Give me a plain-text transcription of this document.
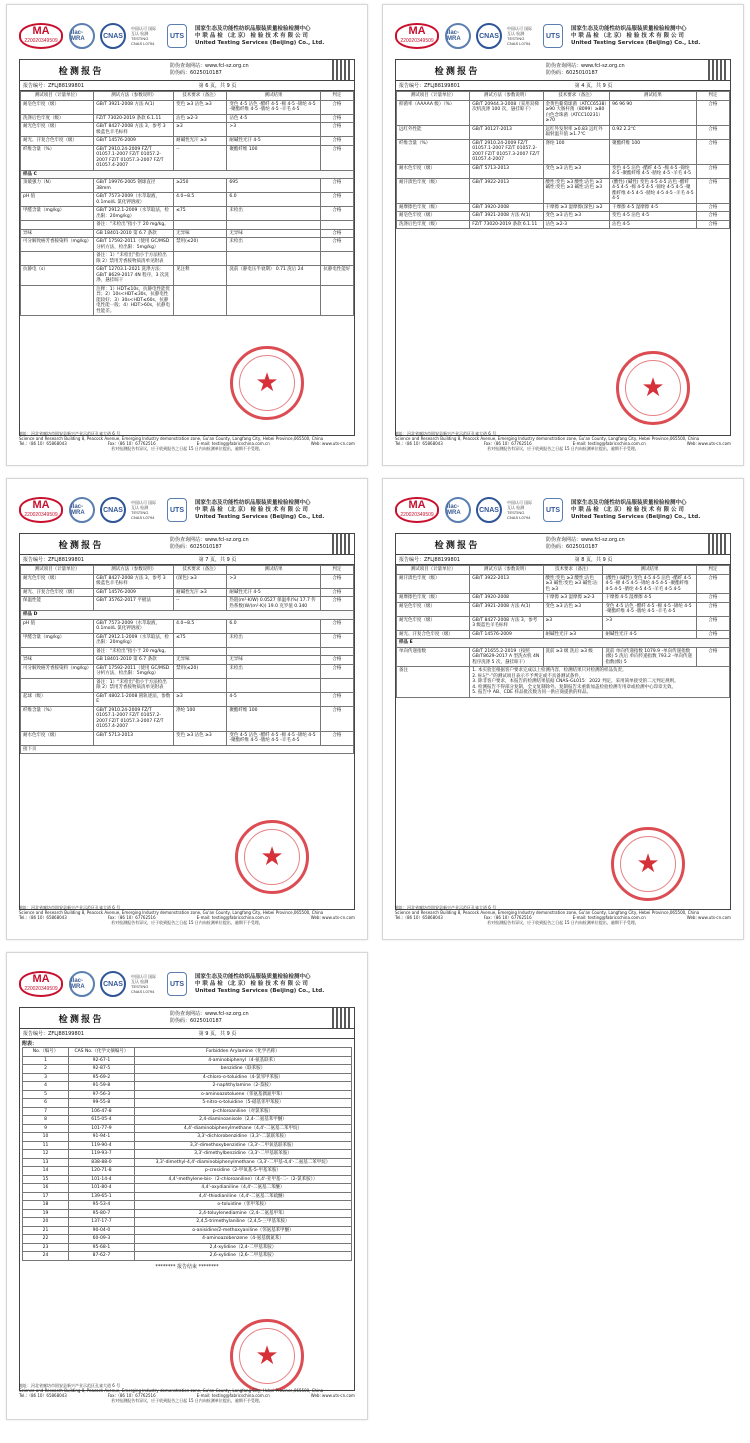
MA
220020349509
ilac-MRA	CNAS
中国认可 国际互认 检测 TESTING CNAS L0794
UTS
国家生态及功能性纺织品服装质量检验检测中心
中 联 品 检 （北 京） 检 验 技 术 有 限 公 司
United Testing Services (Beijing) Co., Ltd.
检 测 报 告	防伪查询网站：www.fcl-sz.org.cn
防伪码：6025010187
报告编号：ZFLJ88199801	第 6 页，共 9 页
测试项目（计量单位）	测试方法（参数说明）	技术要求（备注）	测试结果	判定
耐皂色牢度（级）	GB/T 3921-2008 方法 A(1)	变色 ≥3 沾色 ≥3	变色 4-5 沾色 -醋纤 4-5 -棉 4-5 -锦纶 4-5 -聚酯纤维 4-5 -腈纶 4-5 -羊毛 4-5	合格
洗涤后色牢度（级）	FZ/T 73020-2019 条款 6.1.11	沾色 ≥2-3	沾色 4-5	合格
耐光色牢度（级）	GB/T 8427-2008 方法 3，参考 3 级蓝色羊毛标样	≥3	>3	合格
耐光、汗复合色牢度（级）	GB/T 14576-2009	耐碱性光汗 ≥3	耐碱性光汗 4-5	合格
纤维含量（%）	GB/T 2910.24-2009 FZ/T 01057.1-2007 FZ/T 01057.2-2007 FZ/T 01057.3-2007 FZ/T 01057.4-2007	--	聚酯纤维 100	合格
样品 C				
顶破强力（N）	GB/T 19976-2005 钢球直径 38mm	≥250	695	合格
pH 值	GB/T 7573-2009（水萃取液，0.1mol/L 氯化钾溶液）	4.0~8.5	6.0	合格
甲醛含量（mg/kg）	GB/T 2912.1-2009（水萃取法，检出限：20mg/kg）	≤75	未检出	合格
	备注：“未检出”指小于 20 mg/kg。			
异味	GB 18401-2010 第 6.7 条款	无异味	无异味	合格
可分解致癌芳香胺染料（mg/kg）	GB/T 17592-2011（使用 GC/MSD 分析方法，检出限：5mg/kg）	禁用(≤20)	未检出	合格
	备注：1）“未检出”指小于方法检出限 2）禁用芳香胺物质清单见附表			
抗静电（s）	GB/T 12703.1-2021 洗涤方法：GB/T 8629-2017 4N 程序，3 次洗涤，悬挂晾干	见注释	洗前（静电压半衰期） 0.71 洗后 24	抗静电性能好
	注释：1）HDT≤10s，抗静电性能优异；2）10s<HDT≤30s，抗静电性能较好；3）30s<HDT≤60s，抗静电性能一般；4）HDT>60s，抗静电性能差。			
★
地址：河北省廊坊市固安县新兴产业示范区孔雀大道 6 号
Science and Research Building 8, Peacock Avenue, Emerging Industry demonstration zone, Gu'an County, Langfang City, Hebei Province,065500, China
Tel.:（86 10）65868043	Fax:（86 10）67762516	E-mail: testing@fabricschina.com.cn	Web: www.uts-cn.com
若对检测报告有异议，应于收到报告之日起 15 日内向检测单位提出，逾期不予受理。
MA
220020349509
ilac-MRA	CNAS
中国认可 国际互认 检测 TESTING CNAS L0794
UTS
国家生态及功能性纺织品服装质量检验检测中心
中 联 品 检 （北 京） 检 验 技 术 有 限 公 司
United Testing Services (Beijing) Co., Ltd.
检 测 报 告	防伪查询网站：www.fcl-sz.org.cn
防伪码：6025010187
报告编号：ZFLJ88199801	第 4 页，共 9 页
测试项目（计量单位）	测试方法（参数说明）	技术要求（备注）	测试结果	判定
抑菌率（AAAAA 级）（%）	GB/T 20944.3-2008（采用双梯次机洗涤 100 次，悬挂晾干）	金黄色葡萄球菌（ATCC6538）≥90 大肠杆菌（8099）≥80 白色念珠菌（ATCC10231）≥70	96 96 90	合格
远红外性能	GB/T 30127-2013	远红外发射率 ≥0.83 远红外辐射温升值 ≥1.7℃	0.92 2.2℃	合格
纤维含量（%）	GB/T 2910.24-2009 FZ/T 01057.1-2007 FZ/T 01057.2-2007 FZ/T 01057.3-2007 FZ/T 01057.4-2007	涤纶 100	聚酯纤维 100	合格
耐水色牢度（级）	GB/T 5713-2013	变色 ≥3 沾色 ≥3	变色 4-5 沾色 -醋纤 4-5 -棉 4-5 -锦纶 4-5 -聚酯纤维 4-5 -腈纶 4-5 -羊毛 4-5	合格
耐汗渍色牢度（级）	GB/T 3922-2013	酸性:变色 ≥3 酸性:沾色 ≥3 碱性:变色 ≥3 碱性:沾色 ≥3	(酸性) (碱性) 变色 4-5 4-5 沾色 -醋纤 4-5 4-5 -棉 4-5 4-5 -锦纶 4-5 4-5 -聚酯纤维 4-5 4-5 -腈纶 4-5 4-5 -羊毛 4-5 4-5	合格
耐摩擦色牢度（级）	GB/T 3920-2008	干摩擦 ≥3 湿摩擦(深色) ≥2	干摩擦 4-5 湿摩擦 4-5	合格
耐皂色牢度（级）	GB/T 3921-2008 方法 A(1)	变色 ≥3 沾色 ≥3	变色 4-5 沾色 4-5	合格
洗涤后色牢度（级）	FZ/T 73020-2019 条款 6.1.11	沾色 ≥2-3	沾色 4-5	合格
★
地址：河北省廊坊市固安县新兴产业示范区孔雀大道 6 号
Science and Research Building 8, Peacock Avenue, Emerging Industry demonstration zone, Gu'an County, Langfang City, Hebei Province,065500, China
Tel.:（86 10）65868043	Fax:（86 10）67762516	E-mail: testing@fabricschina.com.cn	Web: www.uts-cn.com
若对检测报告有异议，应于收到报告之日起 15 日内向检测单位提出，逾期不予受理。
MA
220020349509
ilac-MRA	CNAS
中国认可 国际互认 检测 TESTING CNAS L0794
UTS
国家生态及功能性纺织品服装质量检验检测中心
中 联 品 检 （北 京） 检 验 技 术 有 限 公 司
United Testing Services (Beijing) Co., Ltd.
检 测 报 告	防伪查询网站：www.fcl-sz.org.cn
防伪码：6025010187
报告编号：ZFLJ88199801	第 7 页，共 9 页
测试项目（计量单位）	测试方法（参数说明）	技术要求（备注）	测试结果	判定
耐光色牢度（级）	GB/T 8427-2008 方法 3，参考 3 级蓝色羊毛标样	(深色) ≥3	>3	合格
耐光、汗复合色牢度（级）	GB/T 14576-2009	耐碱性光汗 ≥3	耐碱性光汗 4-5	合格
保温性能	GB/T 35762-2017 平板法	--	热阻(m²·K/W) 0.0527 保温率(%) 17.7 传热系数(W/(m²·K)) 19.0 克罗值 0.340	合格
样品 D				
pH 值	GB/T 7573-2009（水萃取液，0.1mol/L 氯化钾溶液）	4.0~8.5	6.0	合格
甲醛含量（mg/kg）	GB/T 2912.1-2009（水萃取法，检出限：20mg/kg）	≤75	未检出	合格
	备注：“未检出”指小于 20 mg/kg。			
异味	GB 18401-2010 第 6.7 条款	无异味	无异味	合格
可分解致癌芳香胺染料（mg/kg）	GB/T 17592-2011（使用 GC/MSD 分析方法，检出限：5mg/kg）	禁用(≤20)	未检出	合格
	备注：1）“未检出”指小于方法检出限 2）禁用芳香胺物质清单见附表			
起球（级）	GB/T 4802.1-2008 圆轨迹法，参数 E	≥3	4-5	合格
纤维含量（%）	GB/T 2910.24-2009 FZ/T 01057.1-2007 FZ/T 01057.2-2007 FZ/T 01057.3-2007 FZ/T 01057.4-2007	涤纶 100	聚酯纤维 100	合格
耐水色牢度（级）	GB/T 5713-2013	变色 ≥3 沾色 ≥3	变色 4-5 沾色 -醋纤 4-5 -棉 4-5 -锦纶 4-5 -聚酯纤维 4-5 -腈纶 4-5 -羊毛 4-5	合格
接下页				
★
地址：河北省廊坊市固安县新兴产业示范区孔雀大道 6 号
Science and Research Building 8, Peacock Avenue, Emerging Industry demonstration zone, Gu'an County, Langfang City, Hebei Province,065500, China
Tel.:（86 10）65868043	Fax:（86 10）67762516	E-mail: testing@fabricschina.com.cn	Web: www.uts-cn.com
若对检测报告有异议，应于收到报告之日起 15 日内向检测单位提出，逾期不予受理。
MA
220020349509
ilac-MRA	CNAS
中国认可 国际互认 检测 TESTING CNAS L0794
UTS
国家生态及功能性纺织品服装质量检验检测中心
中 联 品 检 （北 京） 检 验 技 术 有 限 公 司
United Testing Services (Beijing) Co., Ltd.
检 测 报 告	防伪查询网站：www.fcl-sz.org.cn
防伪码：6025010187
报告编号：ZFLJ88199801	第 8 页，共 9 页
测试项目（计量单位）	测试方法（参数说明）	技术要求（备注）	测试结果	判定
耐汗渍色牢度（级）	GB/T 3922-2013	酸性:变色 ≥3 酸性:沾色 ≥3 碱性:变色 ≥3 碱性:沾色 ≥3	(酸性) (碱性) 变色 4-5 4-5 沾色 -醋纤 4-5 4-5 -棉 4-5 4-5 -锦纶 4-5 4-5 -聚酯纤维 4-5 4-5 -腈纶 4-5 4-5 -羊毛 4-5 4-5	合格
耐摩擦色牢度（级）	GB/T 3920-2008	干摩擦 ≥3 湿摩擦 ≥2-3	干摩擦 4-5 湿摩擦 4-5	合格
耐皂色牢度（级）	GB/T 3921-2008 方法 A(1)	变色 ≥3 沾色 ≥3	变色 4-5 沾色 -醋纤 4-5 -棉 4-5 -锦纶 4-5 -聚酯纤维 4-5 -腈纶 4-5 -羊毛 4-5	合格
耐光色牢度（级）	GB/T 8427-2008 方法 3，参考 3 级蓝色羊毛标样	≥3	>3	合格
耐光、汗复合色牢度（级）	GB/T 14576-2009	耐碱性光汗 ≥3	耐碱性光汗 4-5	合格
样品 E				
单向传递指数	GB/T 21655.2-2019（按照 GB/T8629-2017 A 型洗衣机 4N 程序洗涤 5 次，悬挂晾干）	洗前 ≥3 级 洗后 ≥3 级	洗前 单向传递指数 1079.9 -单向传递指数(级) 5 洗后 单向传递指数 793.2 -单向传递指数(级) 5	合格
备注	1. 本实验室根据客户要求完成以上检测内容，检测结果只对检测的样品负责。
2. 标记“-”的测试项目表示不予判定或不具备测试条件。
3. 除非客户要求，本报告的检测结果依据 CNAS-GL015：2022 判定，采用简单接受的二元判定规则。
4. 检测报告不得部分复制，全文复制除外。复制报告未重新加盖检验检测专用章或检测中心印章无效。
5. 报告中 AB、CDE 样品批次数为同一供应商提供的样品。			
★
地址：河北省廊坊市固安县新兴产业示范区孔雀大道 6 号
Science and Research Building 8, Peacock Avenue, Emerging Industry demonstration zone, Gu'an County, Langfang City, Hebei Province,065500, China
Tel.:（86 10）65868043	Fax:（86 10）67762516	E-mail: testing@fabricschina.com.cn	Web: www.uts-cn.com
若对检测报告有异议，应于收到报告之日起 15 日内向检测单位提出，逾期不予受理。
MA
220020349509
ilac-MRA	CNAS
中国认可 国际互认 检测 TESTING CNAS L0794
UTS
国家生态及功能性纺织品服装质量检验检测中心
中 联 品 检 （北 京） 检 验 技 术 有 限 公 司
United Testing Services (Beijing) Co., Ltd.
检 测 报 告	防伪查询网站：www.fcl-sz.org.cn
防伪码：6025010187
报告编号：ZFLJ88199801	第 9 页，共 9 页
附表：
No.（编号）	CAS No.（化学文摘编号）	Forbidden Arylamine（化学名称）
1	92-67-1	4-aminobiphenyl（4-氨基联苯）
2	92-87-5	benzidine（联苯胺）
3	95-69-2	4-chloro-o-toluidine（4-氯邻甲苯胺）
4	91-59-8	2-naphthylamine（2-萘胺）
5	97-56-3	o-aminoazotoluene（邻氨基偶氮甲苯）
6	99-55-8	5-nitro-o-toluidine（5-硝基邻甲苯胺）
7	106-47-8	p-chloroaniline（对氯苯胺）
8	615-05-4	2,4-diaminoanisole（2,4-二氨基苯甲醚）
9	101-77-9	4,4'-diaminobiphenylmethane（4,4'-二氨基二苯甲烷）
10	91-94-1	3,3'-dichlorobenzidine（3,3'-二氯联苯胺）
11	119-90-4	3,3'-dimethoxybenzidine（3,3'-二甲氧基联苯胺）
12	119-93-7	3,3'-dimethylbenzidine（3,3'-二甲基联苯胺）
13	838-88-0	3,3'-dimethyl-4,4'-diaminobiphenylmethane（3,3'-二甲基-4,4'-二氨基二苯甲烷）
14	120-71-8	p-cresidine（2-甲氧基-5-甲基苯胺）
15	101-14-4	4,4'-methylene-bis-（2-chloroaniline）（4,4'-亚甲基-二-（2-氯苯胺））
16	101-80-4	4,4'-oxydianiline（4,4'-二氨基二苯醚）
17	139-65-1	4,4'-thiodianiline（4,4'-二氨基二苯硫醚）
18	95-53-4	o-toluidine（邻甲苯胺）
19	95-80-7	2,4-toluylenediamine（2,4-二氨基甲苯）
20	137-17-7	2,4,5-trimethylaniline（2,4,5-三甲基苯胺）
21	90-04-0	o-anisidine/2-methoxyaniline（邻氨基苯甲醚）
22	60-09-3	4-aminoazobenzene（4-氨基偶氮苯）
23	95-68-1	2,4-xylidine（2,4-二甲基苯胺）
24	87-62-7	2,6-xylidine（2,6-二甲基苯胺）
******** 报告结束 ********
★
地址：河北省廊坊市固安县新兴产业示范区孔雀大道 6 号
Science and Research Building 8, Peacock Avenue, Emerging Industry demonstration zone, Gu'an County, Langfang City, Hebei Province,065500, China
Tel.:（86 10）65868043	Fax:（86 10）67762516	E-mail: testing@fabricschina.com.cn	Web: www.uts-cn.com
若对检测报告有异议，应于收到报告之日起 15 日内向检测单位提出，逾期不予受理。
